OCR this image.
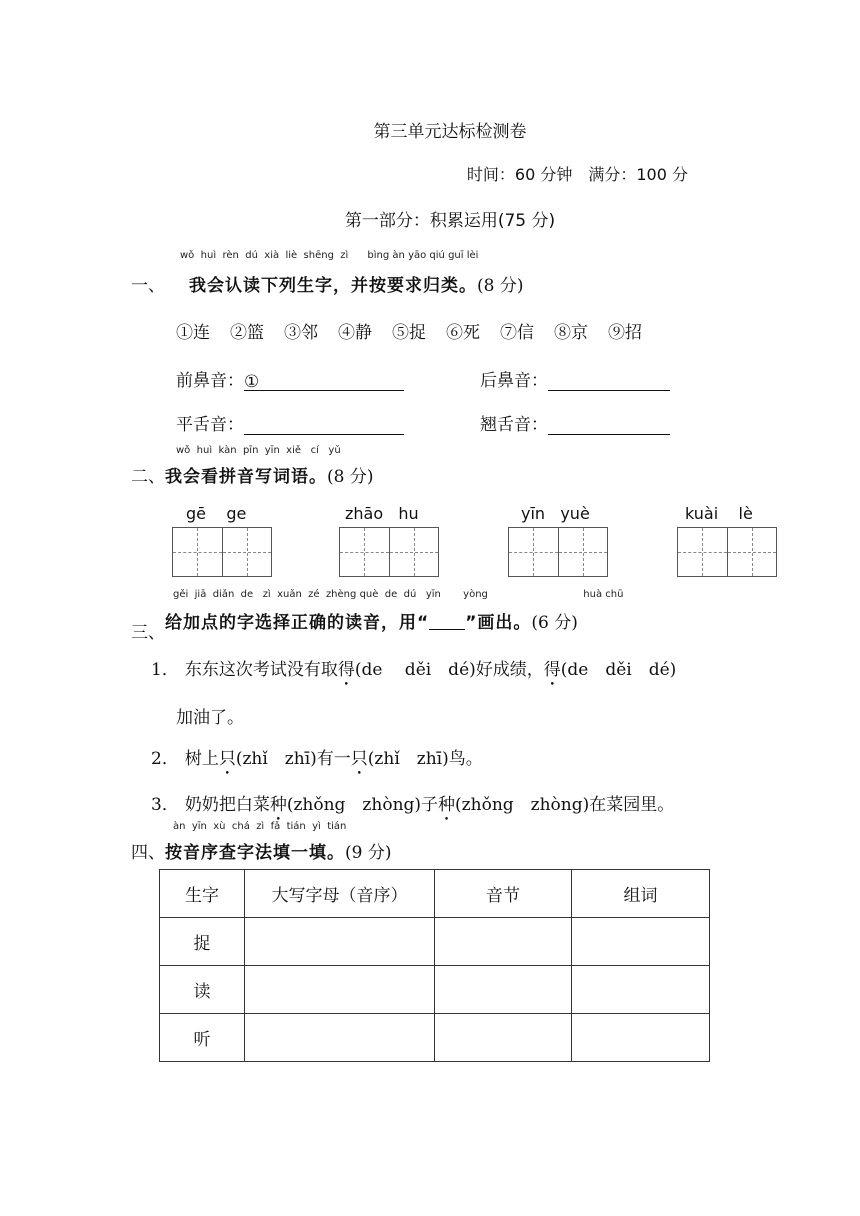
第三单元达标检测卷
时间：60 分钟　满分：100 分
第一部分：积累运用(75 分)
wǒ huì rèn dú xià liè shēng zì bìng àn yāo qiú guī lèi
一、 我会认读下列生字，并按要求归类。(8 分)
①连 ②篮 ③邻 ④静 ⑤捉 ⑥死 ⑦信 ⑧京 ⑨招
前鼻音：①	后鼻音：
平舌音：	翘舌音：
wǒ huì kàn pīn yīn xiě cí yǔ
二、我会看拼音写词语。(8 分)
gē ge	zhāo hu	yīn yuè	kuài lè
gěi jiā diǎn de zì xuǎn zé zhèng què de dú yīn yòng	huà chū
三、给加点的字选择正确的读音，用“ ”画出。(6 分)
1． 东东这次考试没有取得(de　 děi　dé)好成绩，得(de　děi　dé)
加油了。
2． 树上只(zhǐ　zhī)有一只(zhǐ　zhī)鸟。
3． 奶奶把白菜种(zhǒng　zhòng)子种(zhǒng　zhòng)在菜园里。
àn yīn xù chá zì fǎ tián yì tián
四、按音序查字法填一填。(9 分)
生字	大写字母（音序）	音节	组词
捉			
读			
听			
